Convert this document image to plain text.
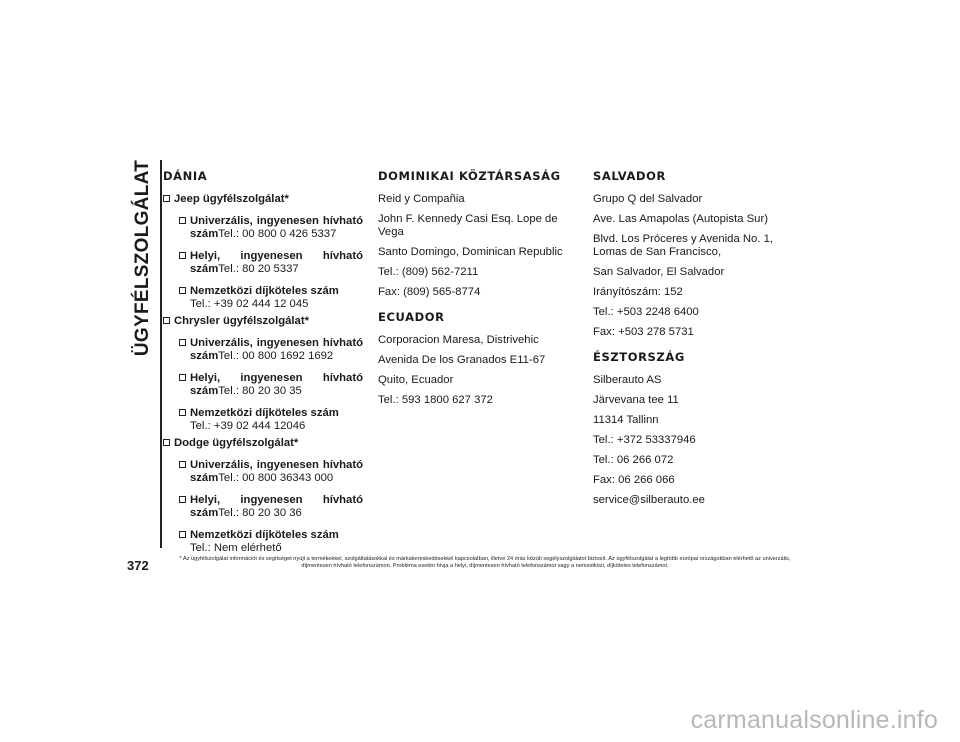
ÜGYFÉLSZOLGÁLAT DÁNIA
Jeep ügyfélszolgálat*
Univerzális, ingyenesen hívható
számTel.: 00 800 0 426 5337
Helyi, ingyenesen hívható
számTel.: 80 20 5337
Nemzetközi díjköteles szám
Tel.: +39 02 444 12 045
Chrysler ügyfélszolgálat*
Univerzális, ingyenesen hívható
számTel.: 00 800 1692 1692
Helyi, ingyenesen hívható
számTel.: 80 20 30 35
Nemzetközi díjköteles szám
Tel.: +39 02 444 12046
Dodge ügyfélszolgálat*
Univerzális, ingyenesen hívható
számTel.: 00 800 36343 000
Helyi, ingyenesen hívható
számTel.: 80 20 30 36
Nemzetközi díjköteles szám
Tel.: Nem elérhető
DOMINIKAI KÖZTÁRSASÁG
Reid y Compañia
John F. Kennedy Casi Esq. Lope de Vega
Santo Domingo, Dominican Republic
Tel.: (809) 562-7211
Fax: (809) 565-8774
ECUADOR
Corporacion Maresa, Distrivehic
Avenida De los Granados E11-67
Quito, Ecuador
Tel.: 593 1800 627 372
SALVADOR
Grupo Q del Salvador
Ave. Las Amapolas (Autopista Sur)
Blvd. Los Próceres y Avenida No. 1, Lomas de San Francisco,
San Salvador, El Salvador
Irányítószám: 152
Tel.: +503 2248 6400
Fax: +503 278 5731
ÉSZTORSZÁG
Silberauto AS
Järvevana tee 11
11314 Tallinn
Tel.: +372 53337946
Tel.: 06 266 072
Fax: 06 266 066
service@silberauto.ee
372	* Az ügyfélszolgálat információt és segítséget nyújt a termékekkel, szolgáltatásokkal és márkakereskedésekkel kapcsolatban, illetve 24 órás közúti segélyszolgálatot biztosít. Az ügyfélszolgálat a legtöbb európai országokban elérhető az univerzális, díjmentesen hívható telefonszámon. Probléma esetén hívja a helyi, díjmentesen hívható telefonszámot vagy a nemzetközi, díjköteles telefonszámot.
carmanualsonline.info
